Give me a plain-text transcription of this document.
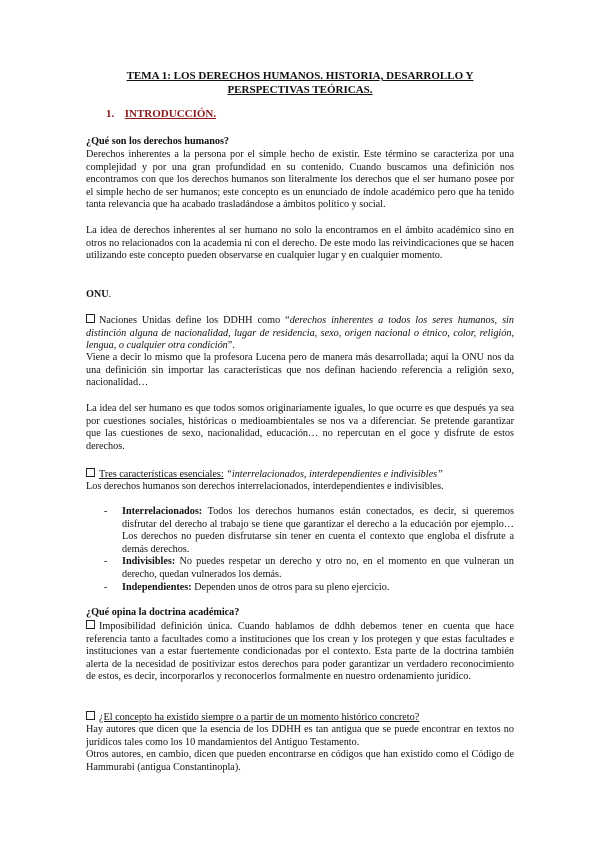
TEMA 1: LOS DERECHOS HUMANOS. HISTORIA, DESARROLLO Y PERSPECTIVAS TEÓRICAS.
1. INTRODUCCIÓN.
¿Qué son los derechos humanos?
Derechos inherentes a la persona por el simple hecho de existir. Este término se caracteriza por una complejidad y por una gran profundidad en su contenido. Cuando buscamos una definición nos encontramos con que los derechos humanos son literalmente los derechos que el ser humano posee por el simple hecho de ser humanos; este concepto es un enunciado de índole académico pero que ha tenido tanta relevancia que ha acabado trasladándose a ámbitos político y social.
La idea de derechos inherentes al ser humano no solo la encontramos en el ámbito académico sino en otros no relacionados con la academia ni con el derecho. De este modo las reivindicaciones que se hacen utilizando este concepto pueden observarse en cualquier lugar y en cualquier momento.
ONU.
Naciones Unidas define los DDHH como “derechos inherentes a todos los seres humanos, sin distinción alguna de nacionalidad, lugar de residencia, sexo, origen nacional o étnico, color, religión, lengua, o cualquier otra condición”.
Viene a decir lo mismo que la profesora Lucena pero de manera más desarrollada; aquí la ONU nos da una definición sin importar las características que nos definan haciendo referencia a religión sexo, nacionalidad…
La idea del ser humano es que todos somos originariamente iguales, lo que ocurre es que después ya sea por cuestiones sociales, históricas o medioambientales se nos va a diferenciar. Se pretende garantizar que las cuestiones de sexo, nacionalidad, educación… no repercutan en el goce y disfrute de estos derechos.
Tres características esenciales: “interrelacionados, interdependientes e indivisibles”
Los derechos humanos son derechos interrelacionados, interdependientes e indivisibles.
- Interrelacionados: Todos los derechos humanos están conectados, es decir, si queremos disfrutar del derecho al trabajo se tiene que garantizar el derecho a la educación por ejemplo… Los derechos no pueden disfrutarse sin tener en cuenta el contexto que engloba el disfrute a demás derechos.
- Indivisibles: No puedes respetar un derecho y otro no, en el momento en que vulneran un derecho, quedan vulnerados los demás.
- Independientes: Dependen unos de otros para su pleno ejercicio.
¿Qué opina la doctrina académica?
Imposibilidad definición única. Cuando hablamos de ddhh debemos tener en cuenta que hace referencia tanto a facultades como a instituciones que los crean y los protegen y que estas facultades e instituciones van a estar fuertemente condicionadas por el contexto. Esta parte de la doctrina también alerta de la necesidad de positivizar estos derechos para poder garantizar un verdadero reconocimiento de estos, es decir, incorporarlos y reconocerlos formalmente en nuestro ordenamiento jurídico.
¿El concepto ha existido siempre o a partir de un momento histórico concreto?
Hay autores que dicen que la esencia de los DDHH es tan antigua que se puede encontrar en textos no jurídicos tales como los 10 mandamientos del Antiguo Testamento.
Otros autores, en cambio, dicen que pueden encontrarse en códigos que han existido como el Código de Hammurabi (antigua Constantinopla).
